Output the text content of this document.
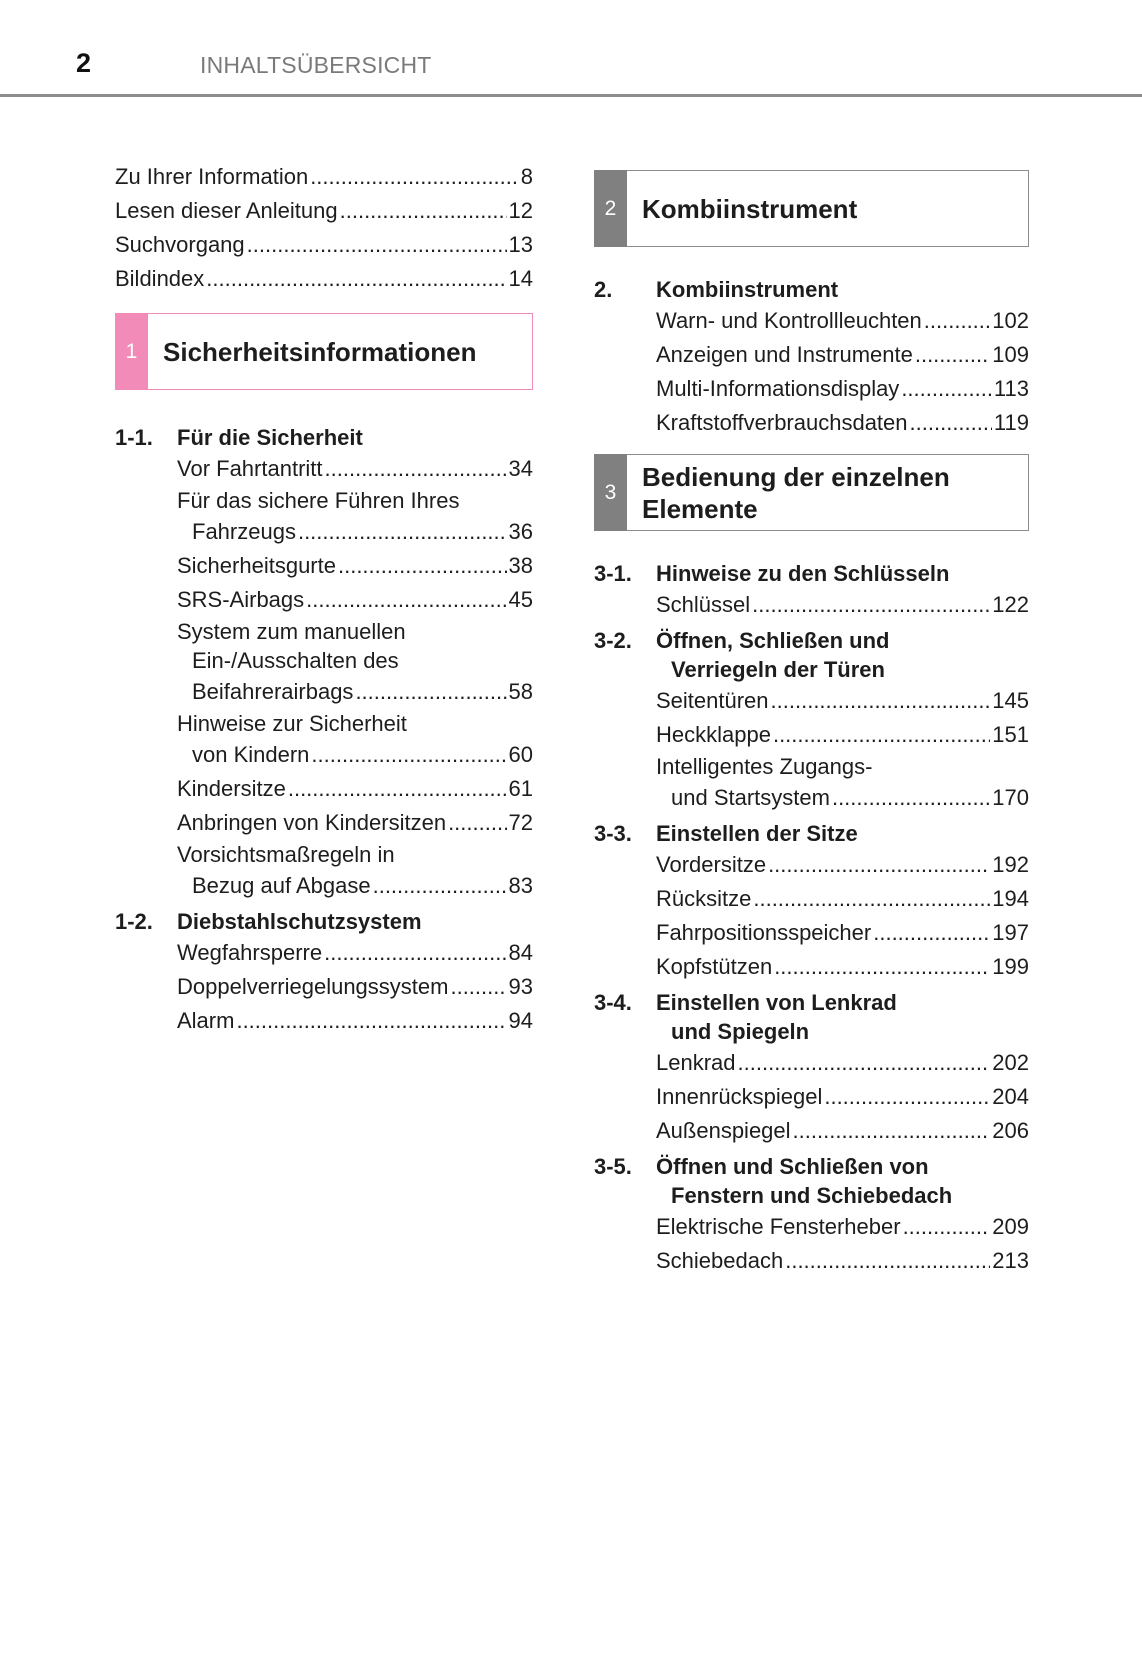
2	INHALTSÜBERSICHT
Zu Ihrer Information .....	8
Lesen dieser Anleitung .....	12
Suchvorgang .....	13
Bildindex .....	14
1 Sicherheitsinformationen
1-1.	Für die Sicherheit
Vor Fahrtantritt .....	34
Für das sichere Führen Ihres
Fahrzeugs .....	36
Sicherheitsgurte .....	38
SRS-Airbags .....	45
System zum manuellen
Ein-/Ausschalten des
Beifahrerairbags .....	58
Hinweise zur Sicherheit
von Kindern .....	60
Kindersitze .....	61
Anbringen von Kindersitzen .....	72
Vorsichtsmaßregeln in
Bezug auf Abgase .....	83
1-2.	Diebstahlschutzsystem
Wegfahrsperre .....	84
Doppelverriegelungssystem .....	93
Alarm .....	94
2 Kombiinstrument
2.	Kombiinstrument
Warn- und Kontrollleuchten .....	102
Anzeigen und Instrumente .....	109
Multi-Informationsdisplay .....	113
Kraftstoffverbrauchsdaten .....	119
3
Bedienung der einzelnen
Elemente
3-1.	Hinweise zu den Schlüsseln
Schlüssel .....	122
3-2.	Öffnen, Schließen und
Verriegeln der Türen
Seitentüren .....	145
Heckklappe .....	151
Intelligentes Zugangs-
und Startsystem .....	170
3-3.	Einstellen der Sitze
Vordersitze .....	192
Rücksitze .....	194
Fahrpositionsspeicher .....	197
Kopfstützen .....	199
3-4.	Einstellen von Lenkrad
und Spiegeln
Lenkrad .....	202
Innenrückspiegel .....	204
Außenspiegel .....	206
3-5.	Öffnen und Schließen von
Fenstern und Schiebedach
Elektrische Fensterheber .....	209
Schiebedach .....	213
